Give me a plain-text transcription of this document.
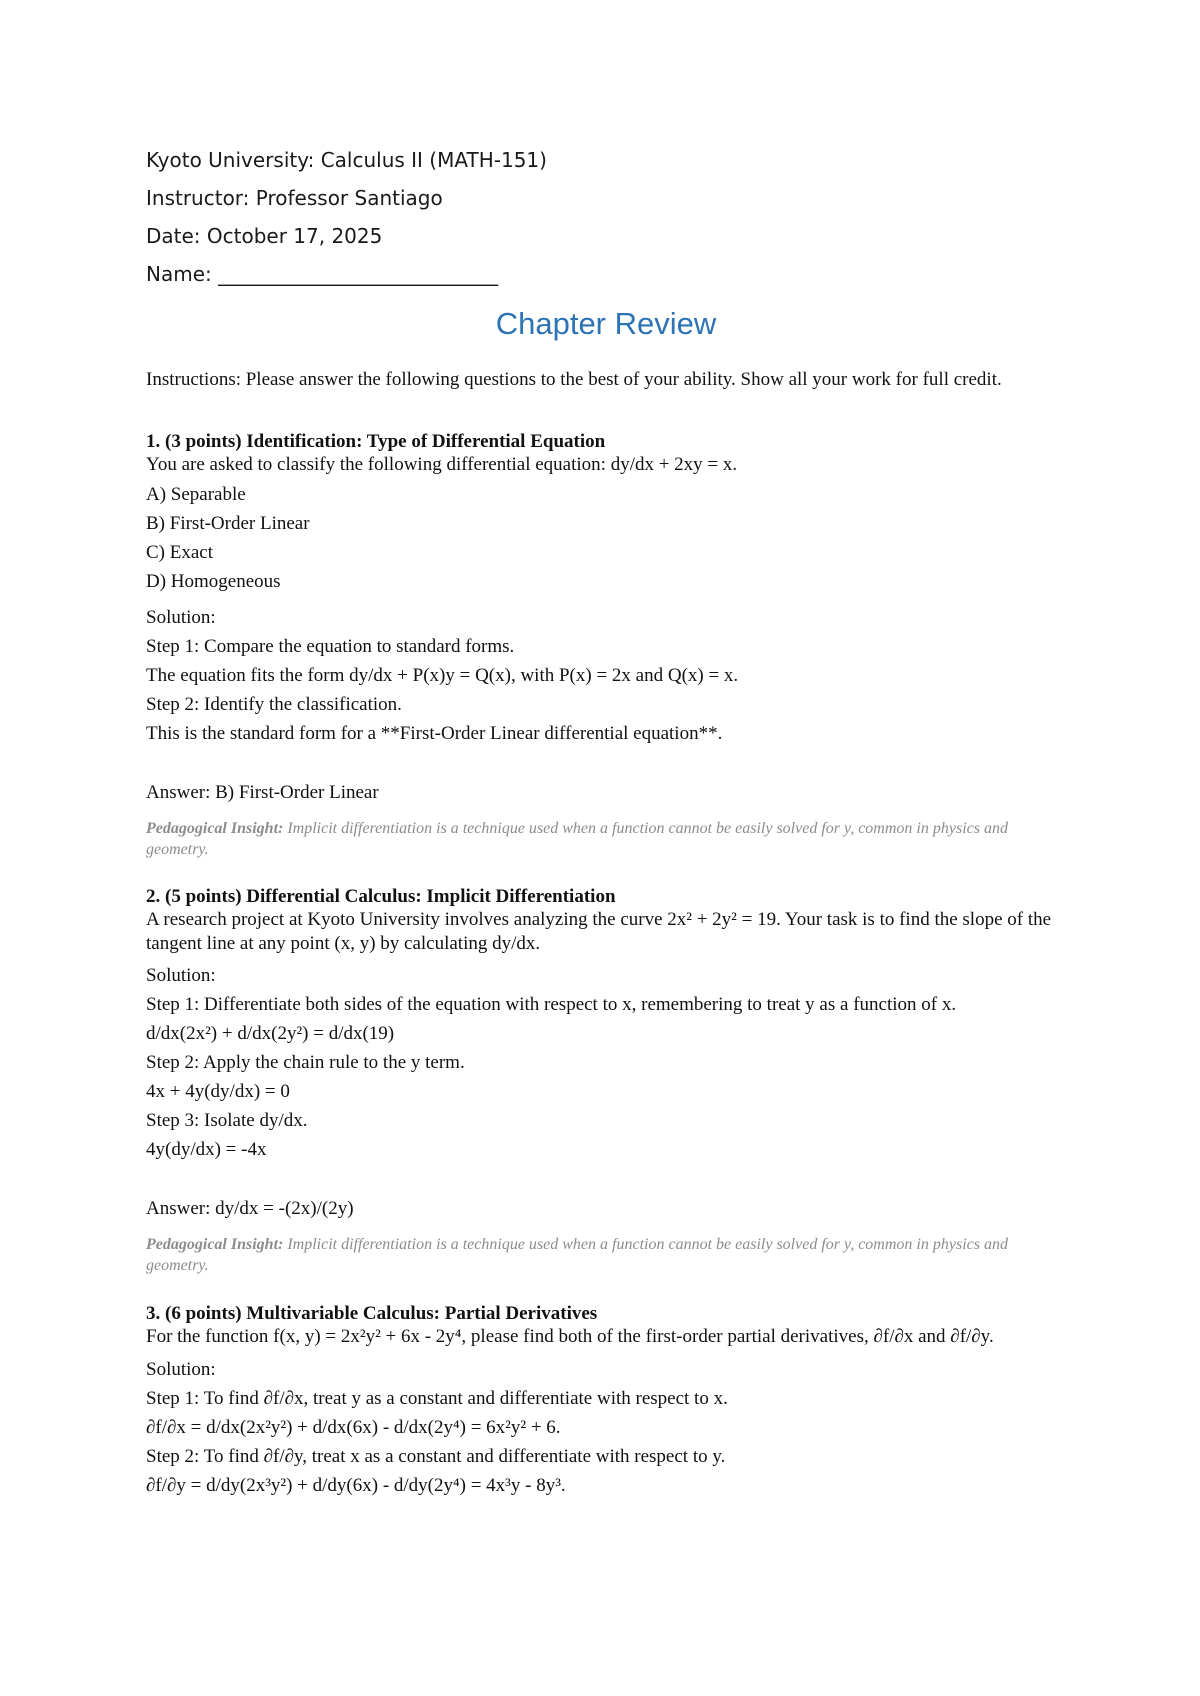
Kyoto University: Calculus II (MATH-151)
Instructor: Professor Santiago
Date: October 17, 2025
Name: ____________________________
Chapter Review
Instructions: Please answer the following questions to the best of your ability. Show all your work for full credit.
1. (3 points) Identification: Type of Differential Equation
You are asked to classify the following differential equation: dy/dx + 2xy = x.
A) Separable
B) First-Order Linear
C) Exact
D) Homogeneous
Solution:
Step 1: Compare the equation to standard forms.
The equation fits the form dy/dx + P(x)y = Q(x), with P(x) = 2x and Q(x) = x.
Step 2: Identify the classification.
This is the standard form for a **First-Order Linear differential equation**.
Answer: B) First-Order Linear
Pedagogical Insight: Implicit differentiation is a technique used when a function cannot be easily solved for y, common in physics and geometry.
2. (5 points) Differential Calculus: Implicit Differentiation
A research project at Kyoto University involves analyzing the curve 2x² + 2y² = 19. Your task is to find the slope of the tangent line at any point (x, y) by calculating dy/dx.
Solution:
Step 1: Differentiate both sides of the equation with respect to x, remembering to treat y as a function of x.
d/dx(2x²) + d/dx(2y²) = d/dx(19)
Step 2: Apply the chain rule to the y term.
4x + 4y(dy/dx) = 0
Step 3: Isolate dy/dx.
4y(dy/dx) = -4x
Answer: dy/dx = -(2x)/(2y)
Pedagogical Insight: Implicit differentiation is a technique used when a function cannot be easily solved for y, common in physics and geometry.
3. (6 points) Multivariable Calculus: Partial Derivatives
For the function f(x, y) = 2x²y² + 6x - 2y⁴, please find both of the first-order partial derivatives, ∂f/∂x and ∂f/∂y.
Solution:
Step 1: To find ∂f/∂x, treat y as a constant and differentiate with respect to x.
∂f/∂x = d/dx(2x²y²) + d/dx(6x) - d/dx(2y⁴) = 6x²y² + 6.
Step 2: To find ∂f/∂y, treat x as a constant and differentiate with respect to y.
∂f/∂y = d/dy(2x³y²) + d/dy(6x) - d/dy(2y⁴) = 4x³y - 8y³.
